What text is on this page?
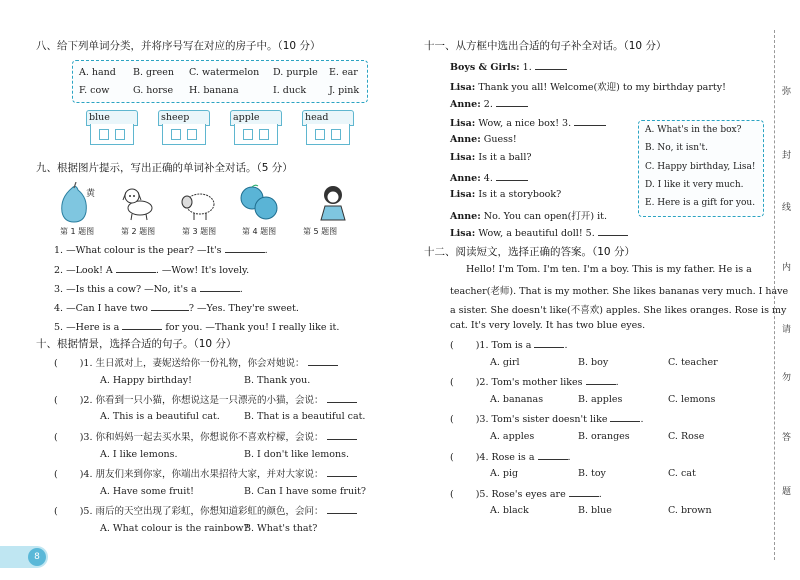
八、给下列单词分类，并将序号写在对应的房子中。（10 分）
A. hand B. green C. watermelon D. purple E. ear
F. cow G. horse H. banana	I. duck J. pink
blue	sheep	apple	head
九、根据图片提示，写出正确的单词补全对话。（5 分）
黄
第 1 题图	第 2 题图	第 3 题图	第 4 题图	第 5 题图
1. —What colour is the pear? —It's	.
2. —Look! A	. —Wow! It's lovely.
3. —Is this a cow? —No, it's a	.
4. —Can I have two	? —Yes. They're sweet.
5. —Here is a	for you. —Thank you! I really like it.
十、根据情景，选择合适的句子。（10 分）
( )1. 生日派对上，妻妮送给你一份礼物，你会对她说：
A. Happy birthday!	B. Thank you.
( )2. 你看到一只小猫，你想说这是一只漂亮的小猫，会说：
A. This is a beautiful cat.	B. That is a beautiful cat.
( )3. 你和妈妈一起去买水果，你想说你不喜欢柠檬，会说：
A. I like lemons.	B. I don't like lemons.
( )4. 朋友们来到你家，你端出水果招待大家，并对大家说：
A. Have some fruit!	B. Can I have some fruit?
( )5. 雨后的天空出现了彩虹，你想知道彩虹的颜色，会问：
A. What colour is the rainbow?
B. What's that?
8
十一、从方框中选出合适的句子补全对话。（10 分）
Boys & Girls: 1.
Lisa: Thank you all! Welcome(欢迎) to my birthday party!
Anne: 2.
Lisa: Wow, a nice box! 3.
Anne: Guess!
Lisa: Is it a ball?
Anne: 4.
Lisa: Is it a storybook?
Anne: No. You can open(打开) it.
Lisa: Wow, a beautiful doll! 5.
A. What's in the box?
B. No, it isn't.
C. Happy birthday, Lisa!
D. I like it very much.
E. Here is a gift for you.
十二、阅读短文，选择正确的答案。（10 分）
Hello! I'm Tom. I'm ten. I'm a boy. This is my father. He is a
teacher(老师). That is my mother. She likes bananas very much. I have
a sister. She doesn't like(不喜欢) apples. She likes oranges. Rose is my
cat. It's very lovely. It has two blue eyes.
( )1. Tom is a	.
A. girl	B. boy	C. teacher
( )2. Tom's mother likes	.
A. bananas	B. apples	C. lemons
( )3. Tom's sister doesn't like	.
A. apples	B. oranges	C. Rose
( )4. Rose is a	.
A. pig	B. toy	C. cat
( )5. Rose's eyes are	.
A. black	B. blue	C. brown
弥
封
线
内
请
勿
答
题
